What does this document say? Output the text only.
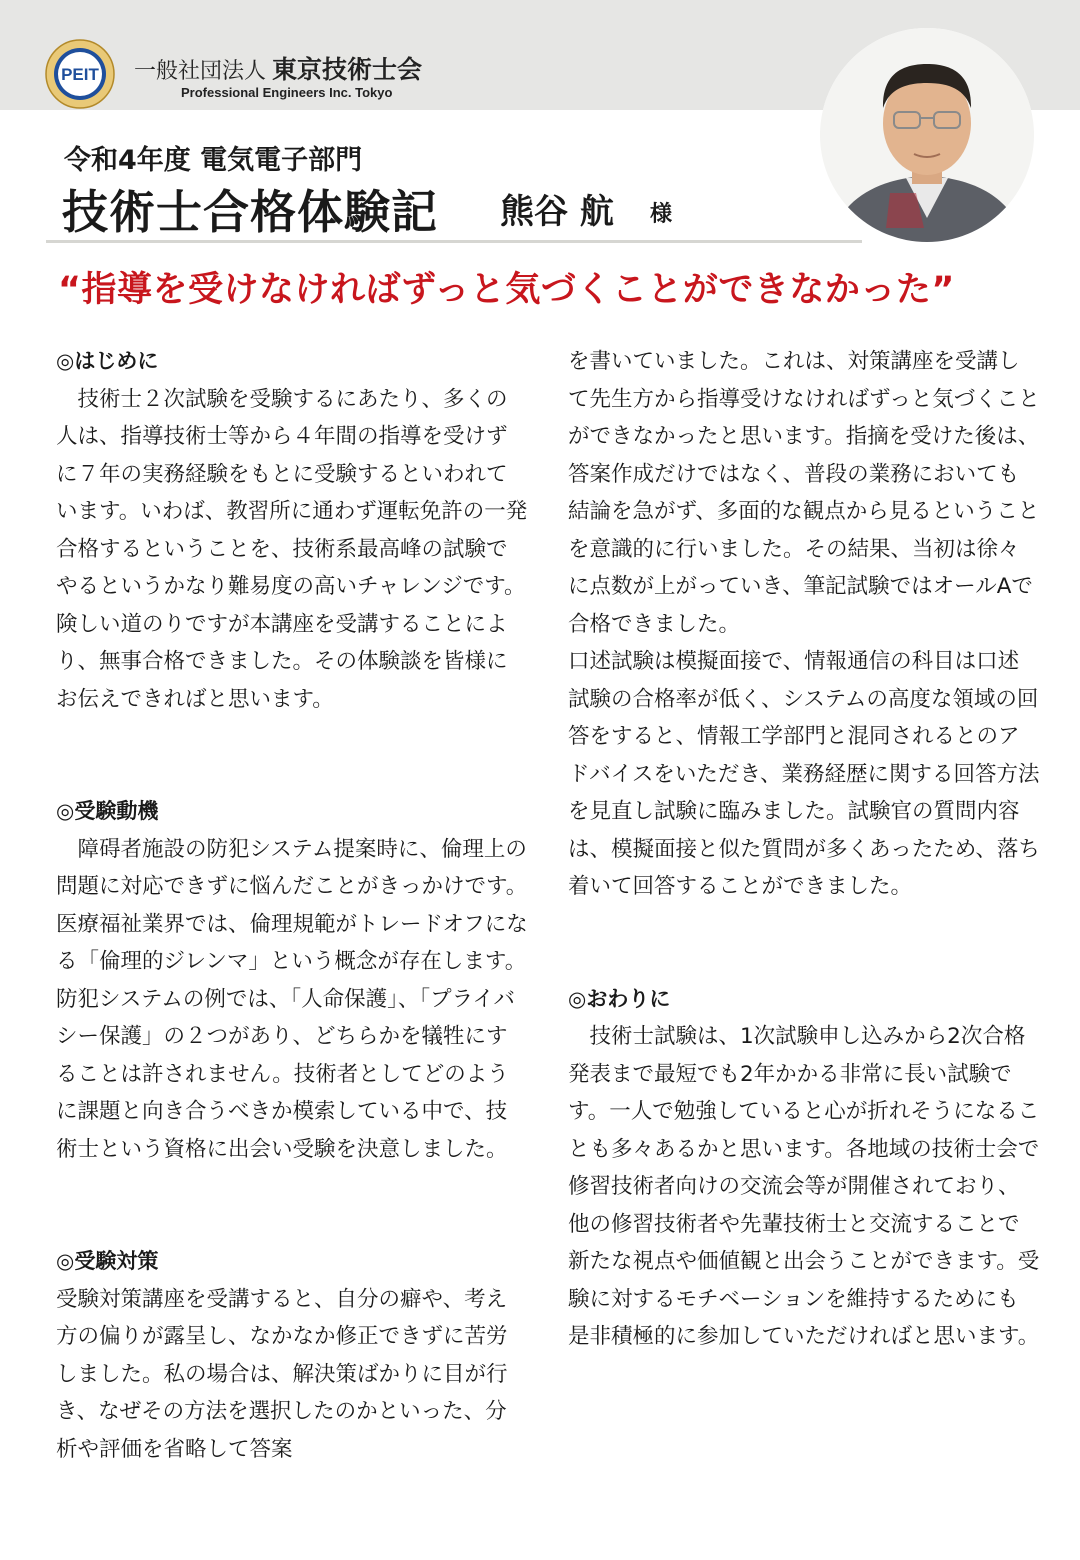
PEIT 一般社団法人 東京技術士会
Professional Engineers Inc. Tokyo
令和4年度 電気電子部門
技術士合格体験記 熊谷 航 様
“指導を受けなければずっと気づくことができなかった”

◎はじめに

　技術士２次試験を受験するにあたり、多くの人は、指導技術士等から４年間の指導を受けずに７年の実務経験をもとに受験するといわれています。いわば、教習所に通わず運転免許の一発合格するということを、技術系最高峰の試験でやるというかなり難易度の高いチャレンジです。険しい道のりですが本講座を受講することにより、無事合格できました。その体験談を皆様にお伝えできればと思います。

◎受験動機

　障碍者施設の防犯システム提案時に、倫理上の問題に対応できずに悩んだことがきっかけです。医療福祉業界では、倫理規範がトレードオフになる「倫理的ジレンマ」という概念が存在します。防犯システムの例では、「人命保護」、「プライバシー保護」の２つがあり、どちらかを犠牲にすることは許されません。技術者としてどのように課題と向き合うべきか模索している中で、技術士という資格に出会い受験を決意しました。

◎受験対策

受験対策講座を受講すると、自分の癖や、考え方の偏りが露呈し、なかなか修正できずに苦労しました。私の場合は、解決策ばかりに目が行き、なぜその方法を選択したのかといった、分析や評価を省略して答案

を書いていました。これは、対策講座を受講して先生方から指導受けなければずっと気づくことができなかったと思います。指摘を受けた後は、答案作成だけではなく、普段の業務においても結論を急がず、多面的な観点から見るということを意識的に行いました。その結果、当初は徐々に点数が上がっていき、筆記試験ではオールAで合格できました。

口述試験は模擬面接で、情報通信の科目は口述試験の合格率が低く、システムの高度な領域の回答をすると、情報工学部門と混同されるとのアドバイスをいただき、業務経歴に関する回答方法を見直し試験に臨みました。試験官の質問内容は、模擬面接と似た質問が多くあったため、落ち着いて回答することができました。

◎おわりに

　技術士試験は、1次試験申し込みから2次合格発表まで最短でも2年かかる非常に長い試験です。一人で勉強していると心が折れそうになることも多々あるかと思います。各地域の技術士会で修習技術者向けの交流会等が開催されており、他の修習技術者や先輩技術士と交流することで新たな視点や価値観と出会うことができます。受験に対するモチベーションを維持するためにも是非積極的に参加していただければと思います。
